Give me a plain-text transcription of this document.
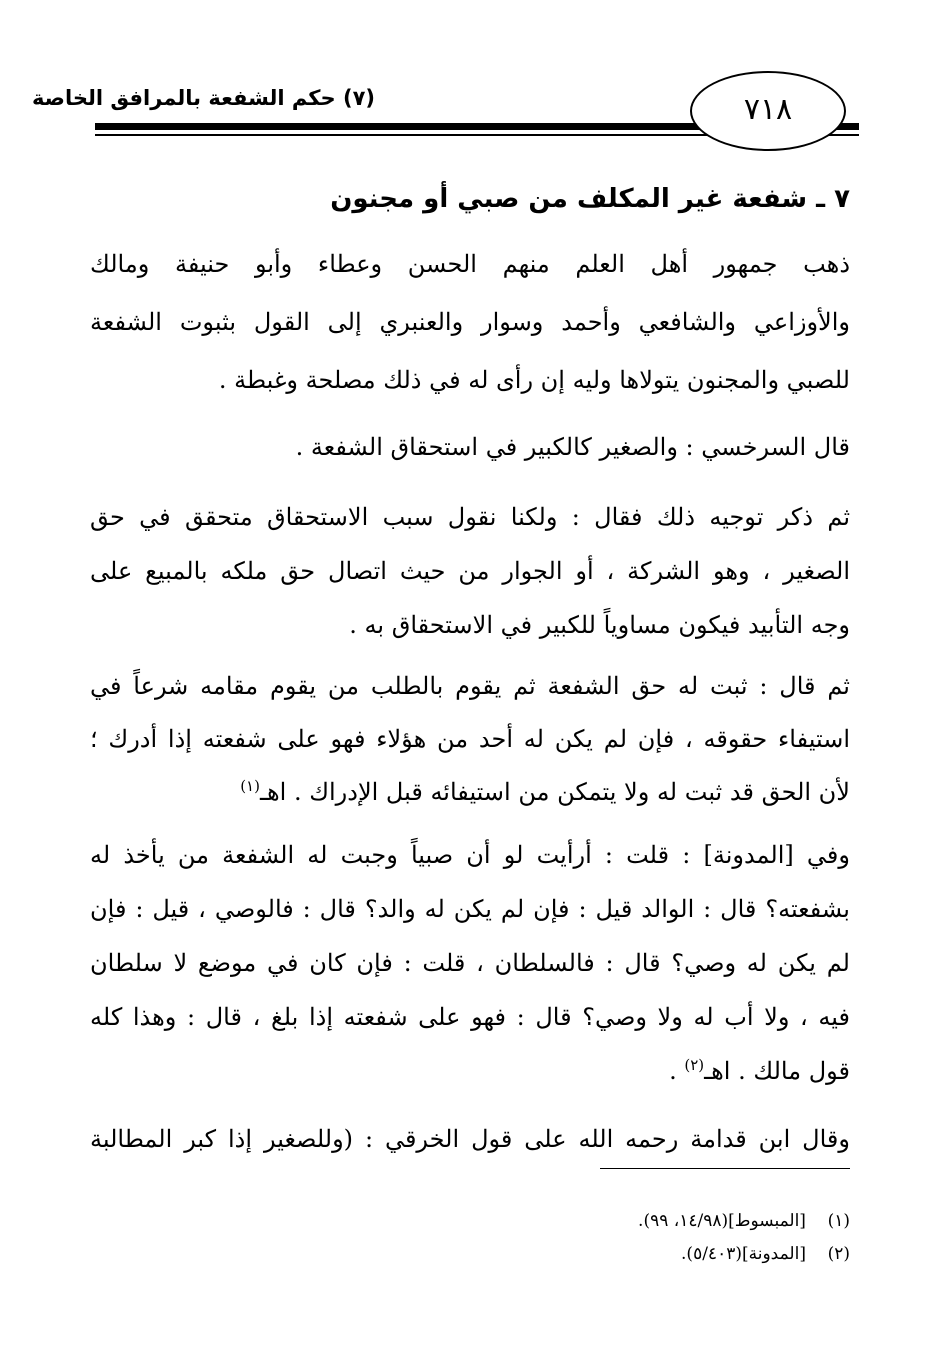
(٧) حكم الشفعة بالمرافق الخاصة	٧١٨
٧ ـ شفعة غير المكلف من صبي أو مجنون
ذهب جمهور أهل العلم منهم الحسن وعطاء وأبو حنيفة ومالك
والأوزاعي والشافعي وأحمد وسوار والعنبري إلى القول بثبوت الشفعة
للصبي والمجنون يتولاها وليه إن رأى له في ذلك مصلحة وغبطة .
قال السرخسي : والصغير كالكبير في استحقاق الشفعة .
ثم ذكر توجيه ذلك فقال : ولكنا نقول سبب الاستحقاق متحقق في حق
الصغير ، وهو الشركة ، أو الجوار من حيث اتصال حق ملكه بالمبيع على
وجه التأبيد فيكون مساوياً للكبير في الاستحقاق به .
ثم قال : ثبت له حق الشفعة ثم يقوم بالطلب من يقوم مقامه شرعاً في
استيفاء حقوقه ، فإن لم يكن له أحد من هؤلاء فهو على شفعته إذا أدرك ؛
لأن الحق قد ثبت له ولا يتمكن من استيفائه قبل الإدراك . اهـ$^{(١)}$
وفي [المدونة] : قلت : أرأيت لو أن صبياً وجبت له الشفعة من يأخذ له
بشفعته؟ قال : الوالد قيل : فإن لم يكن له والد؟ قال : فالوصي ، قيل : فإن
لم يكن له وصي؟ قال : فالسلطان ، قلت : فإن كان في موضع لا سلطان
فيه ، ولا أب له ولا وصي؟ قال : فهو على شفعته إذا بلغ ، قال : وهذا كله
قول مالك . اهـ$^{(٢)}$ .
وقال ابن قدامة رحمه الله على قول الخرقي : (وللصغير إذا كبر المطالبة
(١)    [المبسوط](١٤/٩٨، ٩٩).
(٢)    [المدونة](٥/٤٠٣).
